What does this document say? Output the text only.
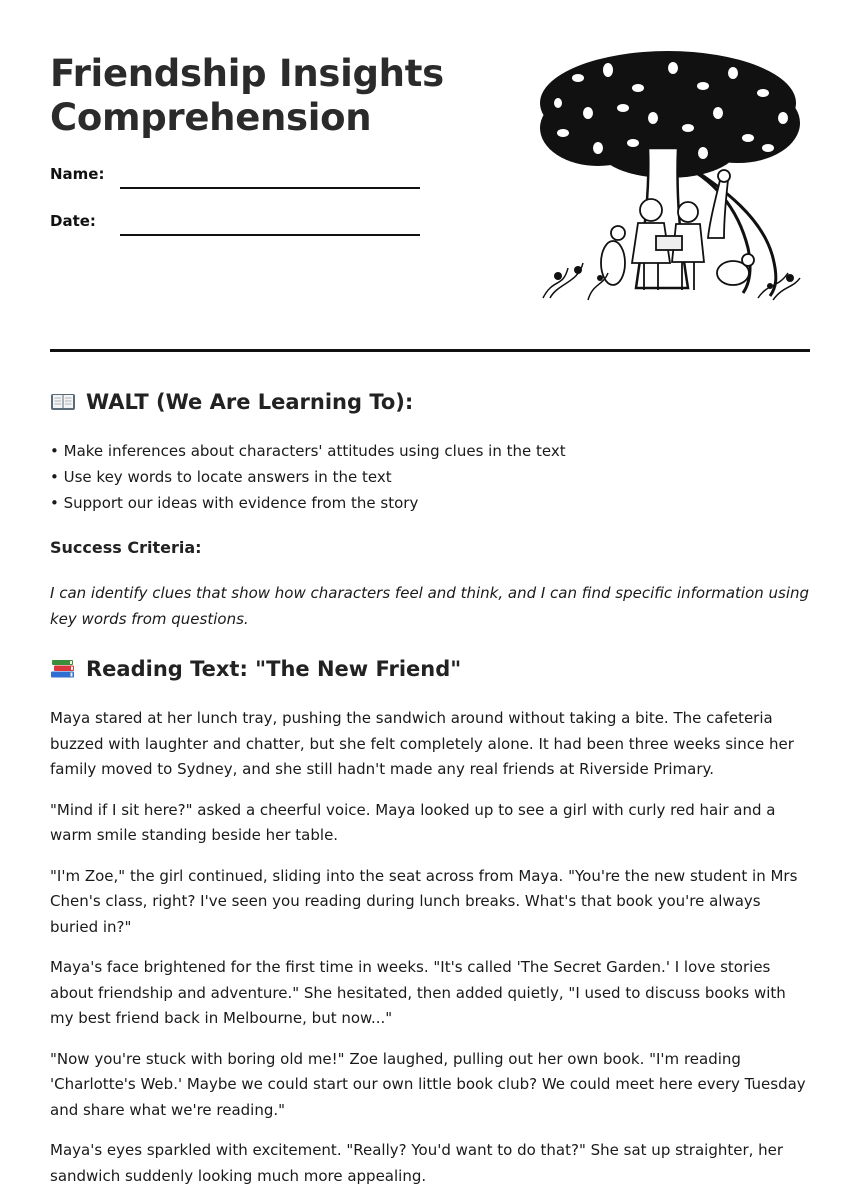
Friendship Insights
Comprehension
Name:
Date:
WALT (We Are Learning To):
• Make inferences about characters' attitudes using clues in the text
• Use key words to locate answers in the text
• Support our ideas with evidence from the story
Success Criteria:

I can identify clues that show how characters feel and think, and I can find specific information using key words from questions.

Reading Text: "The New Friend"

Maya stared at her lunch tray, pushing the sandwich around without taking a bite. The cafeteria buzzed with laughter and chatter, but she felt completely alone. It had been three weeks since her family moved to Sydney, and she still hadn't made any real friends at Riverside Primary.

"Mind if I sit here?" asked a cheerful voice. Maya looked up to see a girl with curly red hair and a warm smile standing beside her table.

"I'm Zoe," the girl continued, sliding into the seat across from Maya. "You're the new student in Mrs Chen's class, right? I've seen you reading during lunch breaks. What's that book you're always buried in?"

Maya's face brightened for the first time in weeks. "It's called 'The Secret Garden.' I love stories about friendship and adventure." She hesitated, then added quietly, "I used to discuss books with my best friend back in Melbourne, but now..."

"Now you're stuck with boring old me!" Zoe laughed, pulling out her own book. "I'm reading 'Charlotte's Web.' Maybe we could start our own little book club? We could meet here every Tuesday and share what we're reading."

Maya's eyes sparkled with excitement. "Really? You'd want to do that?" She sat up straighter, her sandwich suddenly looking much more appealing.
